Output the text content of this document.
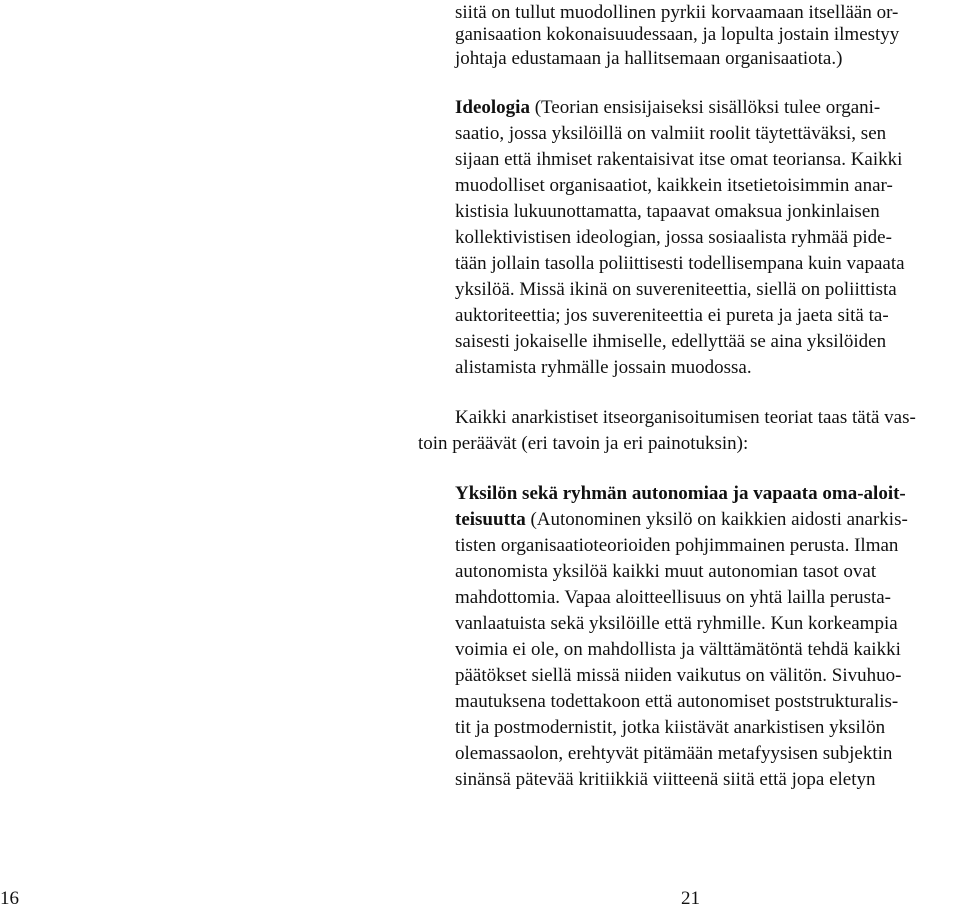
siitä on tullut muodollinen pyrkii korvaamaan itsellään or-
ganisaation kokonaisuudessaan, ja lopulta jostain ilmestyy
johtaja edustamaan ja hallitsemaan organisaatiota.)
Ideologia (Teorian ensisijaiseksi sisällöksi tulee organi-
saatio, jossa yksilöillä on valmiit roolit täytettäväksi, sen
sijaan että ihmiset rakentaisivat itse omat teoriansa. Kaikki
muodolliset organisaatiot, kaikkein itsetietoisimmin anar-
kistisia lukuunottamatta, tapaavat omaksua jonkinlaisen
kollektivistisen ideologian, jossa sosiaalista ryhmää pide-
tään jollain tasolla poliittisesti todellisempana kuin vapaata
yksilöä. Missä ikinä on suvereniteettia, siellä on poliittista
auktoriteettia; jos suvereniteettia ei pureta ja jaeta sitä ta-
saisesti jokaiselle ihmiselle, edellyttää se aina yksilöiden
alistamista ryhmälle jossain muodossa.
Kaikki anarkistiset itseorganisoitumisen teoriat taas tätä vas-
toin peräävät (eri tavoin ja eri painotuksin):
Yksilön sekä ryhmän autonomiaa ja vapaata oma-aloit-
teisuutta (Autonominen yksilö on kaikkien aidosti anarkis-
tisten organisaatioteorioiden pohjimmainen perusta. Ilman
autonomista yksilöä kaikki muut autonomian tasot ovat
mahdottomia. Vapaa aloitteellisuus on yhtä lailla perusta-
vanlaatuista sekä yksilöille että ryhmille. Kun korkeampia
voimia ei ole, on mahdollista ja välttämätöntä tehdä kaikki
päätökset siellä missä niiden vaikutus on välitön. Sivuhuo-
mautuksena todettakoon että autonomiset poststrukturalis-
tit ja postmodernistit, jotka kiistävät anarkistisen yksilön
olemassaolon, erehtyvät pitämään metafyysisen subjektin
sinänsä pätevää kritiikkiä viitteenä siitä että jopa eletyn
16	21
